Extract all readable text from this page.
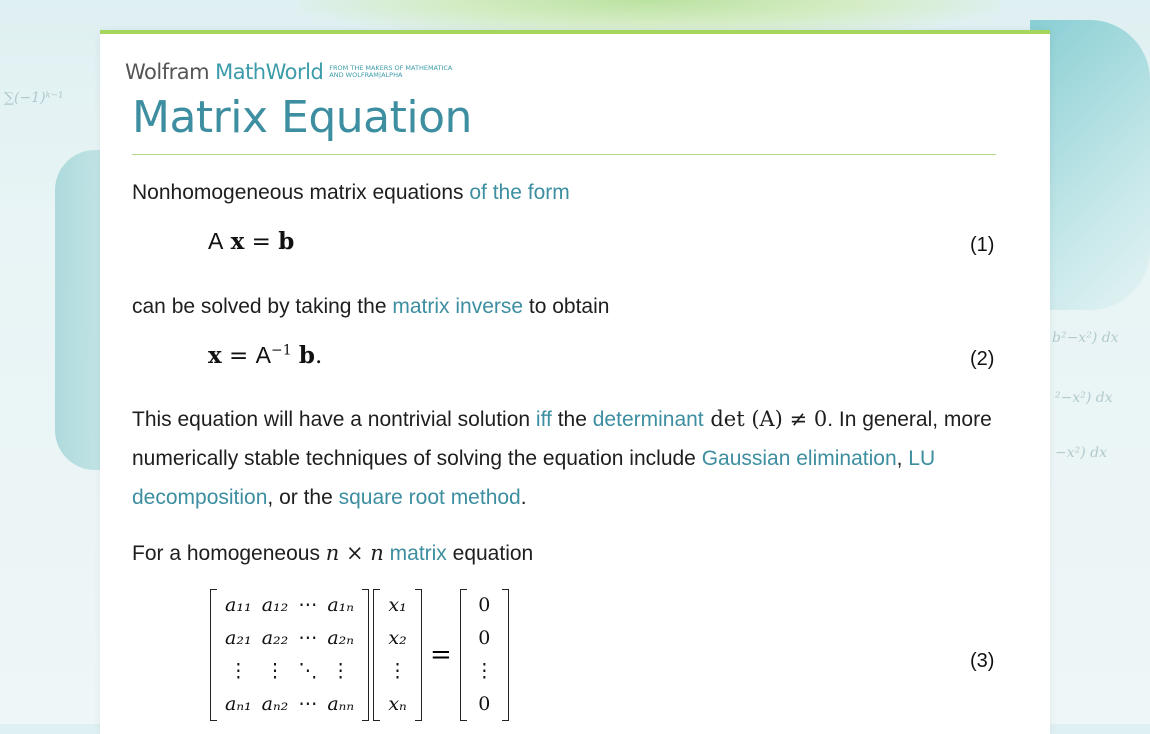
∑(−1)ᵏ⁻¹
b²−x²) dx
²−x²) dx
−x²) dx
Wolfram MathWorld FROM THE MAKERS OF MATHEMATICA
AND WOLFRAM|ALPHA
Matrix Equation

Nonhomogeneous matrix equations of the form

A x = b	(1)

can be solved by taking the matrix inverse to obtain

$x = A^{-1}$ b.	(2)

This equation will have a nontrivial solution iff the determinant det (A) ≠ 0. In general, more numerically stable techniques of solving the equation include Gaussian elimination, LU decomposition, or the square root method.

For a homogeneous n × n matrix equation

a₁₁ a₁₂ ⋯ a₁ₙ
a₂₁ a₂₂ ⋯ a₂ₙ
⋮ ⋮ ⋱ ⋮
aₙ₁ aₙ₂ ⋯ aₙₙ
x₁
x₂
⋮
xₙ
=
0
0
⋮
0
(3)
